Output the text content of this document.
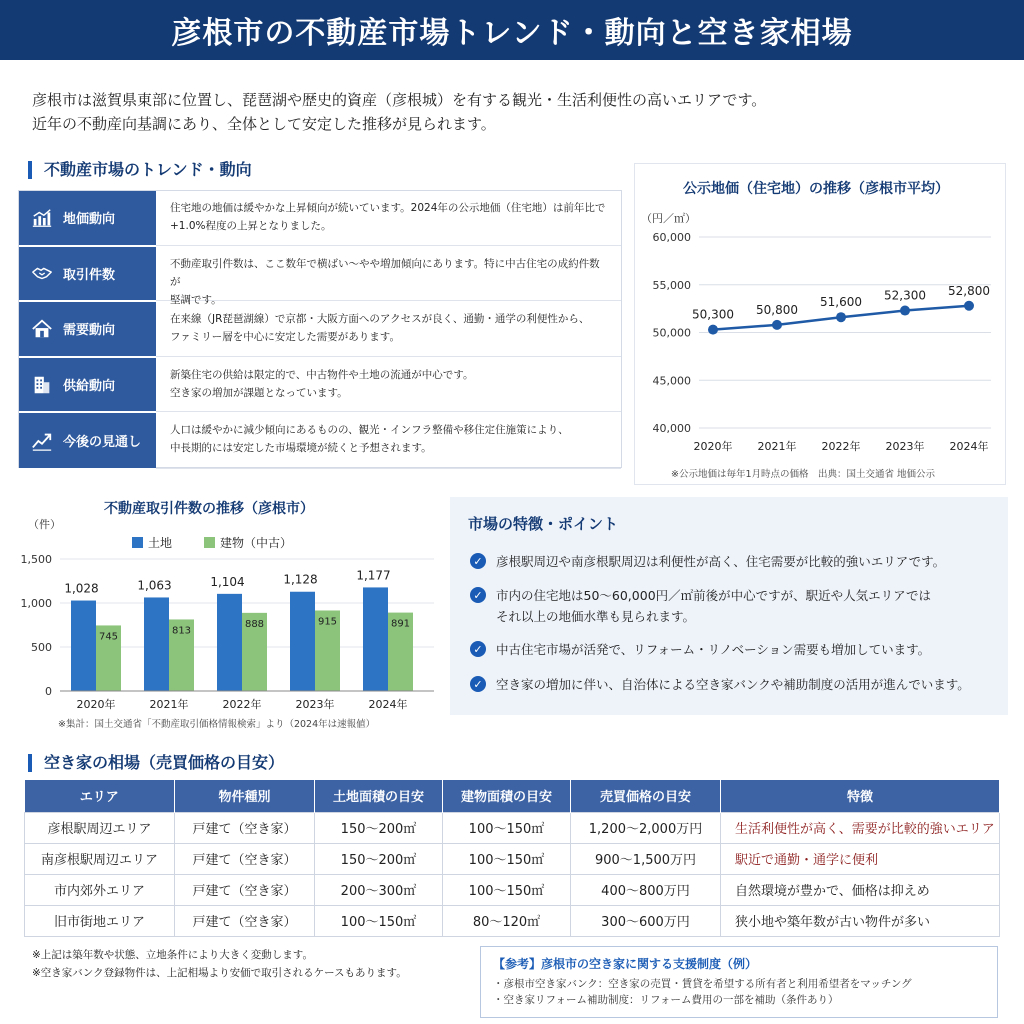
彦根市の不動産市場トレンド・動向と空き家相場
彦根市は滋賀県東部に位置し、琵琶湖や歴史的資産（彦根城）を有する観光・生活利便性の高いエリアです。
近年の不動産向基調にあり、全体として安定した推移が見られます。
不動産市場のトレンド・動向
地価動向
住宅地の地価は緩やかな上昇傾向が続いています。2024年の公示地価（住宅地）は前年比で
+1.0%程度の上昇となりました。
取引件数
不動産取引件数は、ここ数年で横ばい～やや増加傾向にあります。特に中古住宅の成約件数が
堅調です。
需要動向
在来線（JR琵琶湖線）で京都・大阪方面へのアクセスが良く、通勤・通学の利便性から、
ファミリー層を中心に安定した需要があります。
供給動向
新築住宅の供給は限定的で、中古物件や土地の流通が中心です。
空き家の増加が課題となっています。
今後の見通し
人口は緩やかに減少傾向にあるものの、観光・インフラ整備や移住定住施策により、
中長期的には安定した市場環境が続くと予想されます。
公示地価（住宅地）の推移（彦根市平均）
（円／㎡）
※公示地価は毎年1月時点の価格　出典：国土交通省 地価公示
40,000
45,000
50,000
55,000
60,000
50,300
2020年
50,800
2021年
51,600
2022年
52,300
2023年
52,800
2024年
不動産取引件数の推移（彦根市）
（件）
※集計：国土交通省「不動産取引価格情報検索」より（2024年は速報値）
0
500
1,000
1,500
土地	建物（中古）
1,028
745
2020年
1,063
813
2021年
1,104
888
2022年
1,128
915
2023年
1,177
891
2024年
市場の特徴・ポイント
✓ 彦根駅周辺や南彦根駅周辺は利便性が高く、住宅需要が比較的強いエリアです。
✓ 市内の住宅地は50～60,000円／㎡前後が中心ですが、駅近や人気エリアでは
それ以上の地価水準も見られます。
✓ 中古住宅市場が活発で、リフォーム・リノベーション需要も増加しています。
✓ 空き家の増加に伴い、自治体による空き家バンクや補助制度の活用が進んでいます。
空き家の相場（売買価格の目安）
エリア	物件種別	土地面積の目安	建物面積の目安	売買価格の目安	特徴
彦根駅周辺エリア	戸建て（空き家）	150～200㎡	100～150㎡	1,200～2,000万円	生活利便性が高く、需要が比較的強いエリア
南彦根駅周辺エリア	戸建て（空き家）	150～200㎡	100～150㎡	900～1,500万円	駅近で通勤・通学に便利
市内郊外エリア	戸建て（空き家）	200～300㎡	100～150㎡	400～800万円	自然環境が豊かで、価格は抑えめ
旧市街地エリア	戸建て（空き家）	100～150㎡	80～120㎡	300～600万円	狭小地や築年数が古い物件が多い
※上記は築年数や状態、立地条件により大きく変動します。
※空き家バンク登録物件は、上記相場より安価で取引されるケースもあります。
【参考】彦根市の空き家に関する支援制度（例）
・彦根市空き家バンク：空き家の売買・賃貸を希望する所有者と利用希望者をマッチング
・空き家リフォーム補助制度：リフォーム費用の一部を補助（条件あり）
